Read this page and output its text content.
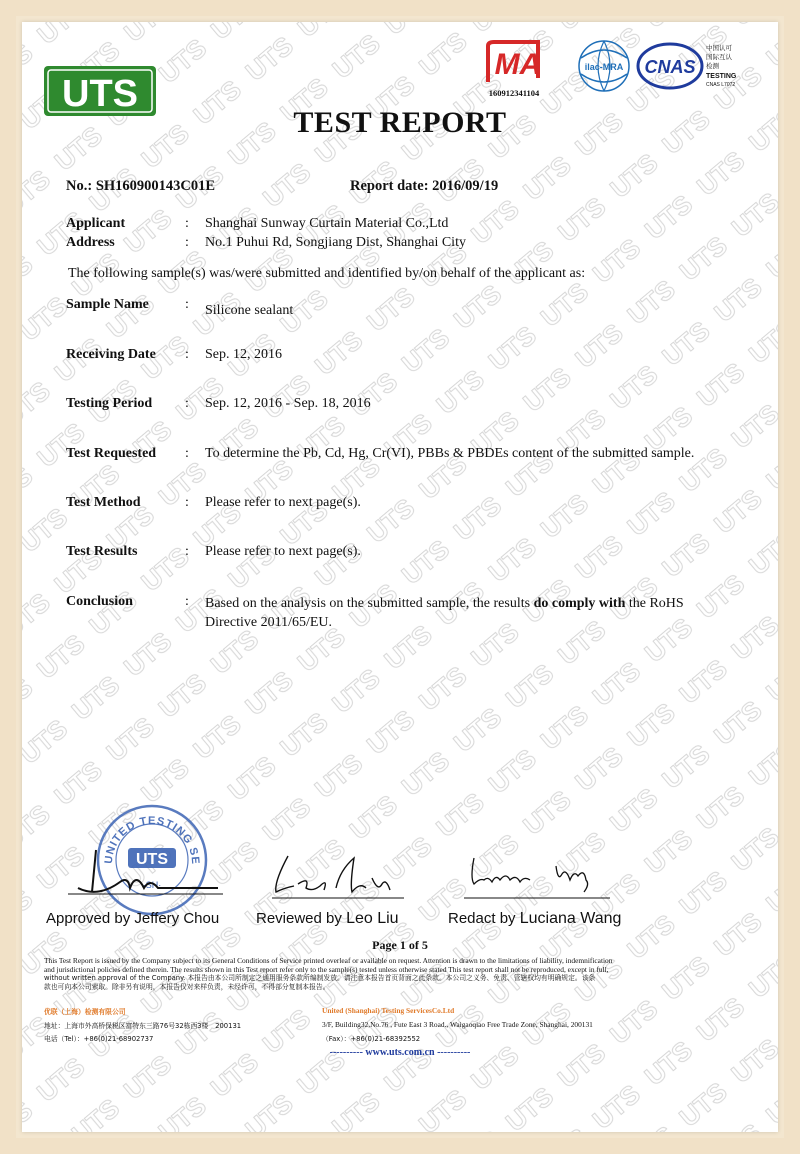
UTS
MA
160912341104
ilac-MRA CNAS
中国认可
国际互认
检测
TESTING
CNAS L7072
TEST REPORT
No.: SH160900143C01E	Report date: 2016/09/19
Applicant	: Shanghai Sunway Curtain Material Co.,Ltd
Address	: No.1 Puhui Rd, Songjiang Dist, Shanghai City
The following sample(s) was/were submitted and identified by/on behalf of the applicant as:
Sample Name	: Silicone sealant
Receiving Date : Sep. 12, 2016
Testing Period : Sep. 12, 2016 - Sep. 18, 2016
Test Requested : To determine the Pb, Cd, Hg, Cr(VI), PBBs & PBDEs content of the submitted sample.
Test Method	: Please refer to next page(s).
Test Results	: Please refer to next page(s).
Conclusion	: Based on the analysis on the submitted sample, the results do comply with the RoHS
Directive 2011/65/EU.
UNITED TESTING SE
UTS
·SH·
Approved by Jeffery Chou Reviewed by Leo Liu	Redact by Luciana Wang
Page 1 of 5
This Test Report is issued by the Company subject to its General Conditions of Service printed overleaf or available on request. Attention is drawn to the limitations of liability, indemnification
and jurisdictional policies defined therein. The results shown in this Test report refer only to the sample(s) tested unless otherwise stated This test report shall not be reproduced, except in full,
without written approval of the Company. 本报告由本公司所制定之通用服务条款所编制发放。请注意本报告首页背面之此条款。本公司之义务、免责、管辖权均有明确规定。该条
款也可向本公司索取。除非另有说明，本报告仅对来样负责，未经许可，不得部分复制本报告。
优联（上海）检测有限公司	United (Shanghai) Testing ServicesCo.Ltd
地址：上海市外高桥保税区富特东三路76号32栋西3楼　200131	3/F, Building32,No.76 , Fute East 3 Road., Waigaoqiao Free Trade Zone, Shanghai, 200131
电话（Tel）：+86(0)21-68902737	（Fax）：+86(0)21-68392552
---------- www.uts.com.cn ----------
